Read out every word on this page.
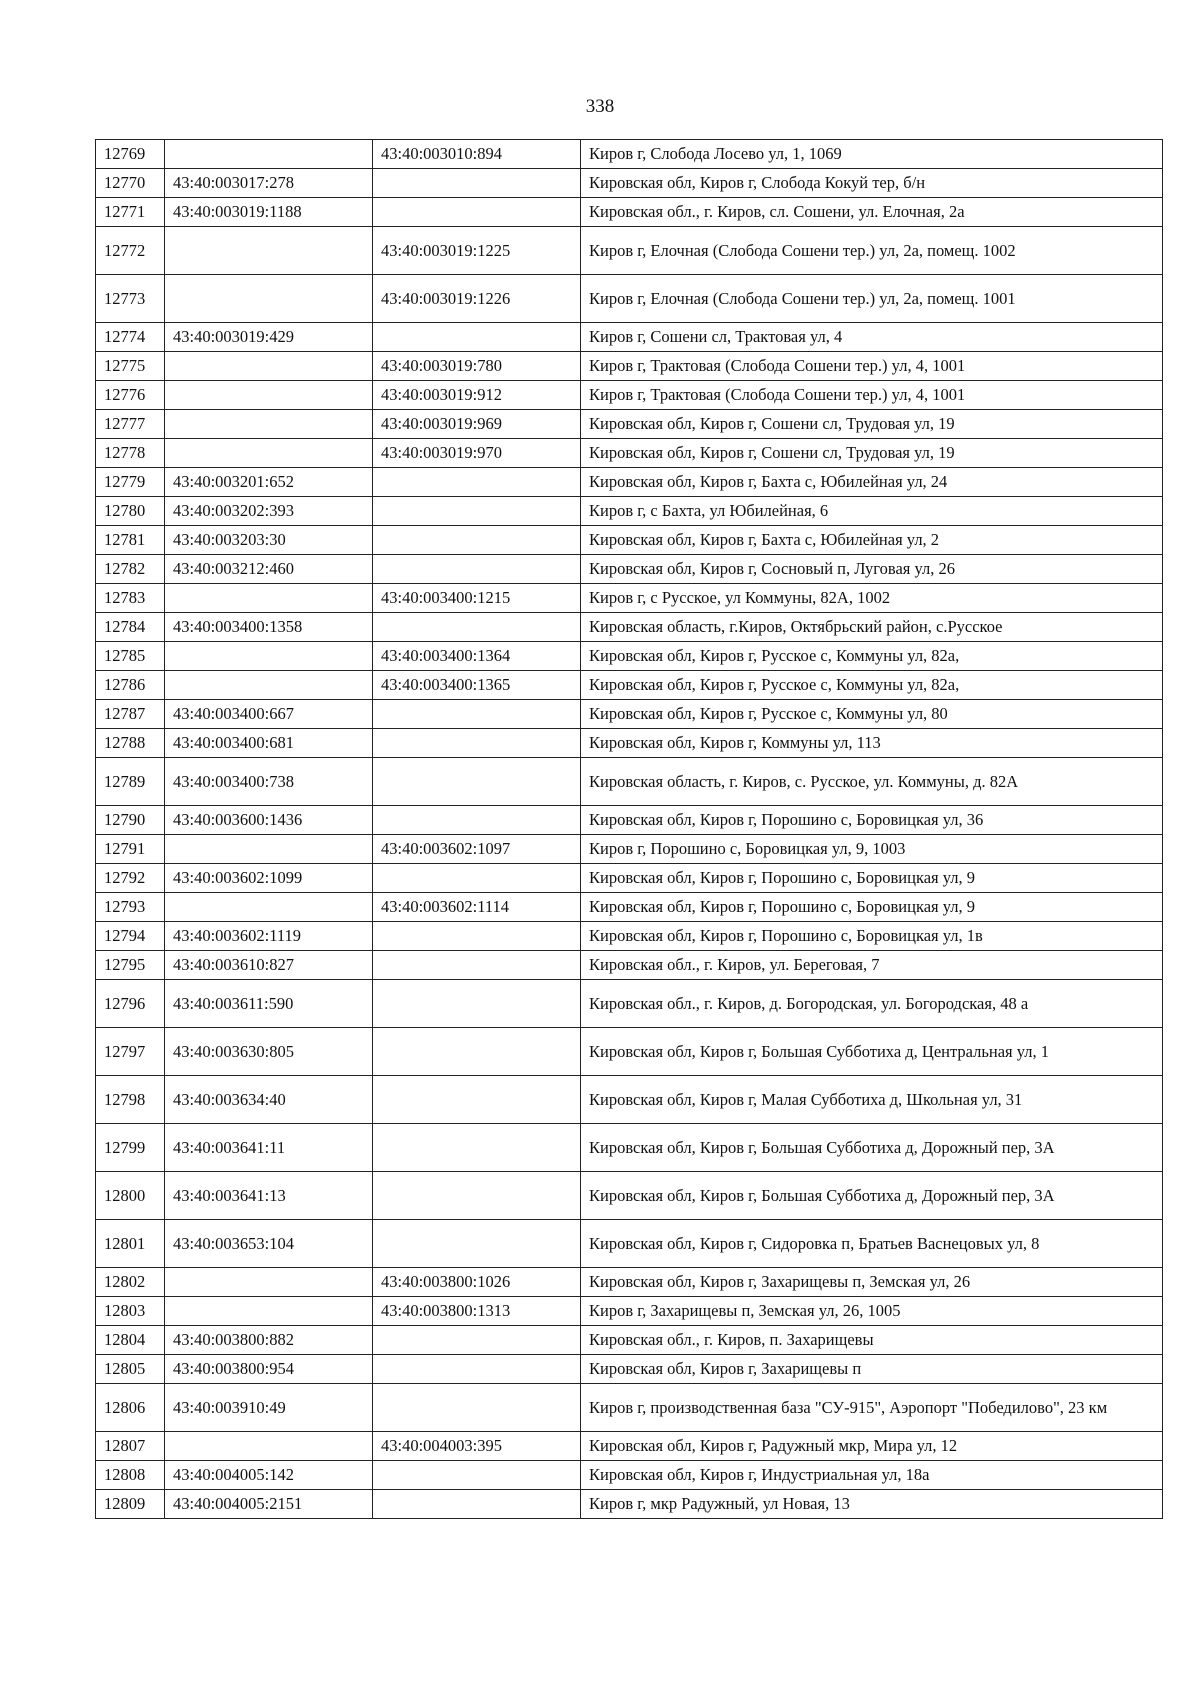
338
12769		43:40:003010:894	Киров г, Слобода Лосево ул, 1, 1069
12770	43:40:003017:278		Кировская обл, Киров г, Слобода Кокуй тер, б/н
12771	43:40:003019:1188		Кировская обл., г. Киров, сл. Сошени, ул. Елочная, 2а
12772		43:40:003019:1225	Киров г, Елочная (Слобода Сошени тер.) ул, 2а, помещ. 1002
12773		43:40:003019:1226	Киров г, Елочная (Слобода Сошени тер.) ул, 2а, помещ. 1001
12774	43:40:003019:429		Киров г, Сошени сл, Трактовая ул, 4
12775		43:40:003019:780	Киров г, Трактовая (Слобода Сошени тер.) ул, 4, 1001
12776		43:40:003019:912	Киров г, Трактовая (Слобода Сошени тер.) ул, 4, 1001
12777		43:40:003019:969	Кировская обл, Киров г, Сошени сл, Трудовая ул, 19
12778		43:40:003019:970	Кировская обл, Киров г, Сошени сл, Трудовая ул, 19
12779	43:40:003201:652		Кировская обл, Киров г, Бахта с, Юбилейная ул, 24
12780	43:40:003202:393		Киров г, с Бахта, ул Юбилейная, 6
12781	43:40:003203:30		Кировская обл, Киров г, Бахта с, Юбилейная ул, 2
12782	43:40:003212:460		Кировская обл, Киров г, Сосновый п, Луговая ул, 26
12783		43:40:003400:1215	Киров г, с Русское, ул Коммуны, 82А, 1002
12784	43:40:003400:1358		Кировская область, г.Киров, Октябрьский район, с.Русское
12785		43:40:003400:1364	Кировская обл, Киров г, Русское с, Коммуны ул, 82а,
12786		43:40:003400:1365	Кировская обл, Киров г, Русское с, Коммуны ул, 82а,
12787	43:40:003400:667		Кировская обл, Киров г, Русское с, Коммуны ул, 80
12788	43:40:003400:681		Кировская обл, Киров г, Коммуны ул, 113
12789	43:40:003400:738		Кировская область, г. Киров, с. Русское, ул. Коммуны, д. 82А
12790	43:40:003600:1436		Кировская обл, Киров г, Порошино с, Боровицкая ул, 36
12791		43:40:003602:1097	Киров г, Порошино с, Боровицкая ул, 9, 1003
12792	43:40:003602:1099		Кировская обл, Киров г, Порошино с, Боровицкая ул, 9
12793		43:40:003602:1114	Кировская обл, Киров г, Порошино с, Боровицкая ул, 9
12794	43:40:003602:1119		Кировская обл, Киров г, Порошино с, Боровицкая ул, 1в
12795	43:40:003610:827		Кировская обл., г. Киров, ул. Береговая, 7
12796	43:40:003611:590		Кировская обл., г. Киров, д. Богородская, ул. Богородская, 48 а
12797	43:40:003630:805		Кировская обл, Киров г, Большая Субботиха д, Центральная ул, 1
12798	43:40:003634:40		Кировская обл, Киров г, Малая Субботиха д, Школьная ул, 31
12799	43:40:003641:11		Кировская обл, Киров г, Большая Субботиха д, Дорожный пер, 3А
12800	43:40:003641:13		Кировская обл, Киров г, Большая Субботиха д, Дорожный пер, 3А
12801	43:40:003653:104		Кировская обл, Киров г, Сидоровка п, Братьев Васнецовых ул, 8
12802		43:40:003800:1026	Кировская обл, Киров г, Захарищевы п, Земская ул, 26
12803		43:40:003800:1313	Киров г, Захарищевы п, Земская ул, 26, 1005
12804	43:40:003800:882		Кировская обл., г. Киров, п. Захарищевы
12805	43:40:003800:954		Кировская обл, Киров г, Захарищевы п
12806	43:40:003910:49		Киров г, производственная база "СУ-915", Аэропорт "Победилово", 23 км
12807		43:40:004003:395	Кировская обл, Киров г, Радужный мкр, Мира ул, 12
12808	43:40:004005:142		Кировская обл, Киров г, Индустриальная ул, 18а
12809	43:40:004005:2151		Киров г, мкр Радужный, ул Новая, 13
